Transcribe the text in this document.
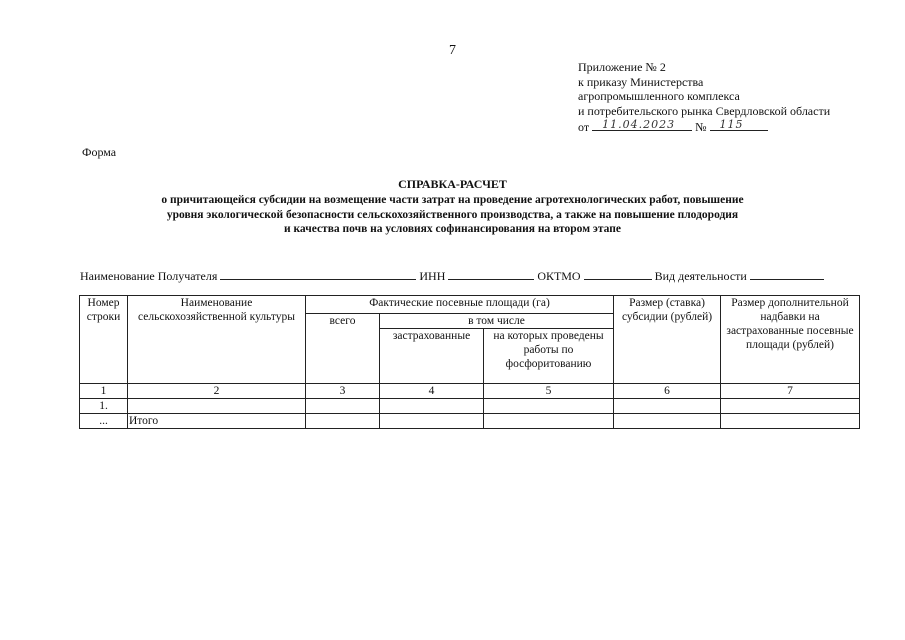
7
Приложение № 2
к приказу Министерства
агропромышленного комплекса
и потребительского рынка Свердловской области
от 11.04.2023 № 115
Форма
СПРАВКА-РАСЧЕТ
о причитающейся субсидии на возмещение части затрат на проведение агротехнологических работ, повышение
уровня экологической безопасности сельскохозяйственного производства, а также на повышение плодородия
и качества почв на условиях софинансирования на втором этапе
Наименование Получателя	ИНН	ОКТМО	Вид деятельности
Номер строки	Наименование сельскохозяйственной культуры	Фактические посевные площади (га)			Размер (ставка) субсидии (рублей)	Размер дополнительной надбавки на застрахованные посевные площади (рублей)
		всего	в том числе			
			застрахованные	на которых проведены работы по фосфоритованию		
1	2	3	4	5	6	7
1.						
...	Итого					
